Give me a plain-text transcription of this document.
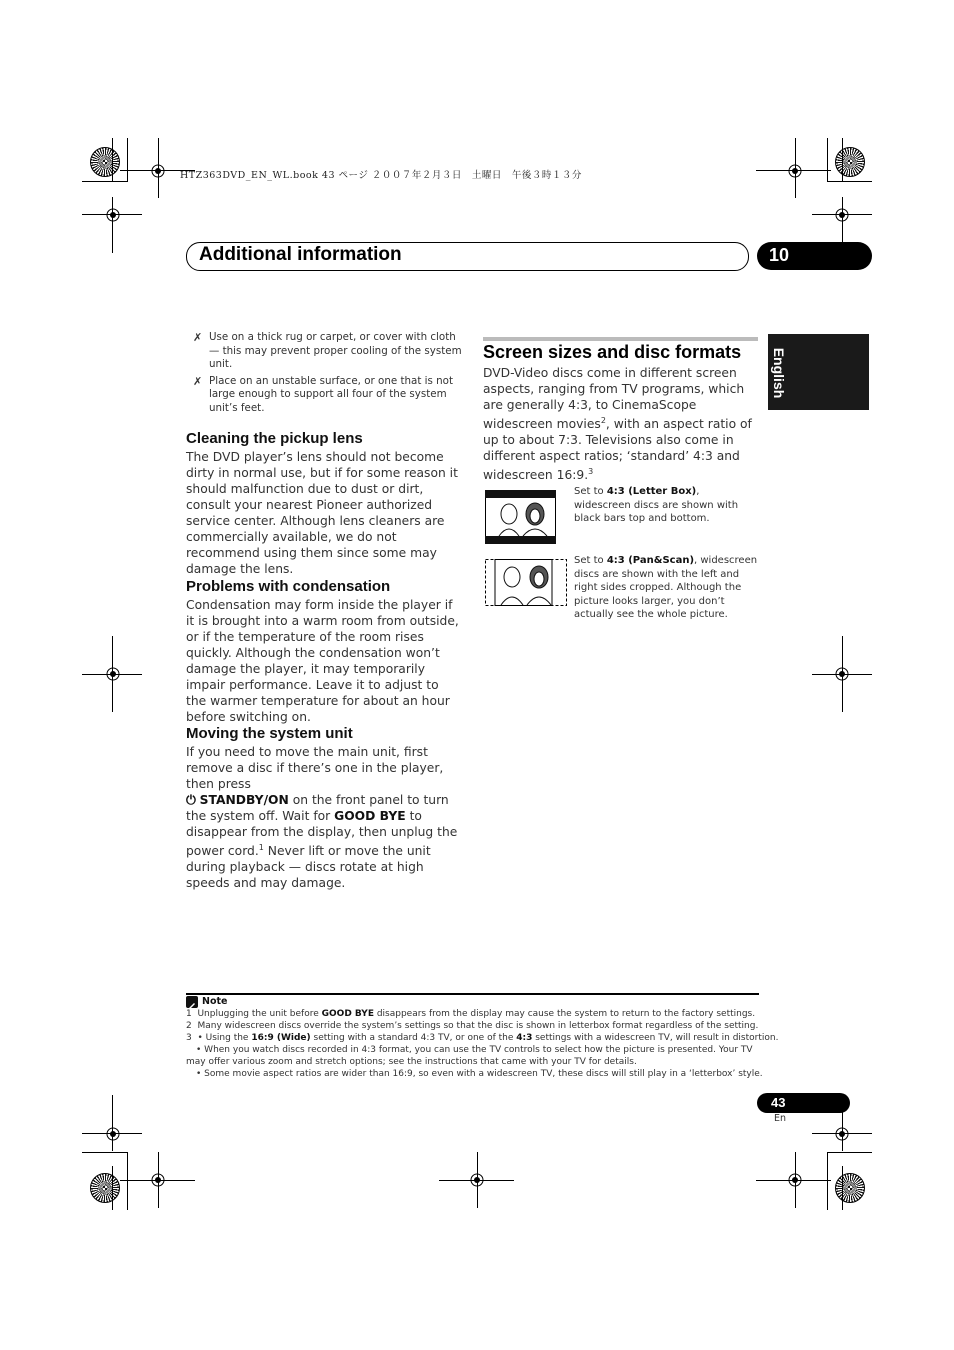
HTZ363DVD_EN_WL.book 43 ページ ２００７年２月３日　土曜日　午後３時１３分
Additional information	10
English
✗ Use on a thick rug or carpet, or cover with cloth — this may prevent proper cooling of the system unit.
✗ Place on an unstable surface, or one that is not large enough to support all four of the system unit’s feet.
Cleaning the pickup lens

The DVD player’s lens should not become dirty in normal use, but if for some reason it should malfunction due to dust or dirt, consult your nearest Pioneer authorized service center. Although lens cleaners are commercially available, we do not recommend using them since some may damage the lens.

Problems with condensation

Condensation may form inside the player if it is brought into a warm room from outside, or if the temperature of the room rises quickly. Although the condensation won’t damage the player, it may temporarily impair performance. Leave it to adjust to the warmer temperature for about an hour before switching on.

Moving the system unit

If you need to move the main unit, first remove a disc if there’s one in the player, then press
⏻ STANDBY/ON on the front panel to turn the system off. Wait for GOOD BYE to disappear from the display, then unplug the power cord.$^1$ Never lift or move the unit during playback — discs rotate at high speeds and may damage.

Screen sizes and disc formats

DVD-Video discs come in different screen aspects, ranging from TV programs, which are generally 4:3, to CinemaScope widescreen movies$^2$, with an aspect ratio of up to about 7:3. Televisions also come in different aspect ratios; ‘standard’ 4:3 and widescreen 16:9.$^3$

Set to 4:3 (Letter Box), widescreen discs are shown with black bars top and bottom.
Set to 4:3 (Pan&Scan), widescreen discs are shown with the left and right sides cropped. Although the picture looks larger, you don’t actually see the whole picture.
Note
1 Unplugging the unit before GOOD BYE disappears from the display may cause the system to return to the factory settings.
2 Many widescreen discs override the system’s settings so that the disc is shown in letterbox format regardless of the setting.
3 • Using the 16:9 (Wide) setting with a standard 4:3 TV, or one of the 4:3 settings with a widescreen TV, will result in distortion.
• When you watch discs recorded in 4:3 format, you can use the TV controls to select how the picture is presented. Your TV
may offer various zoom and stretch options; see the instructions that came with your TV for details.
• Some movie aspect ratios are wider than 16:9, so even with a widescreen TV, these discs will still play in a ‘letterbox’ style.
43
En
